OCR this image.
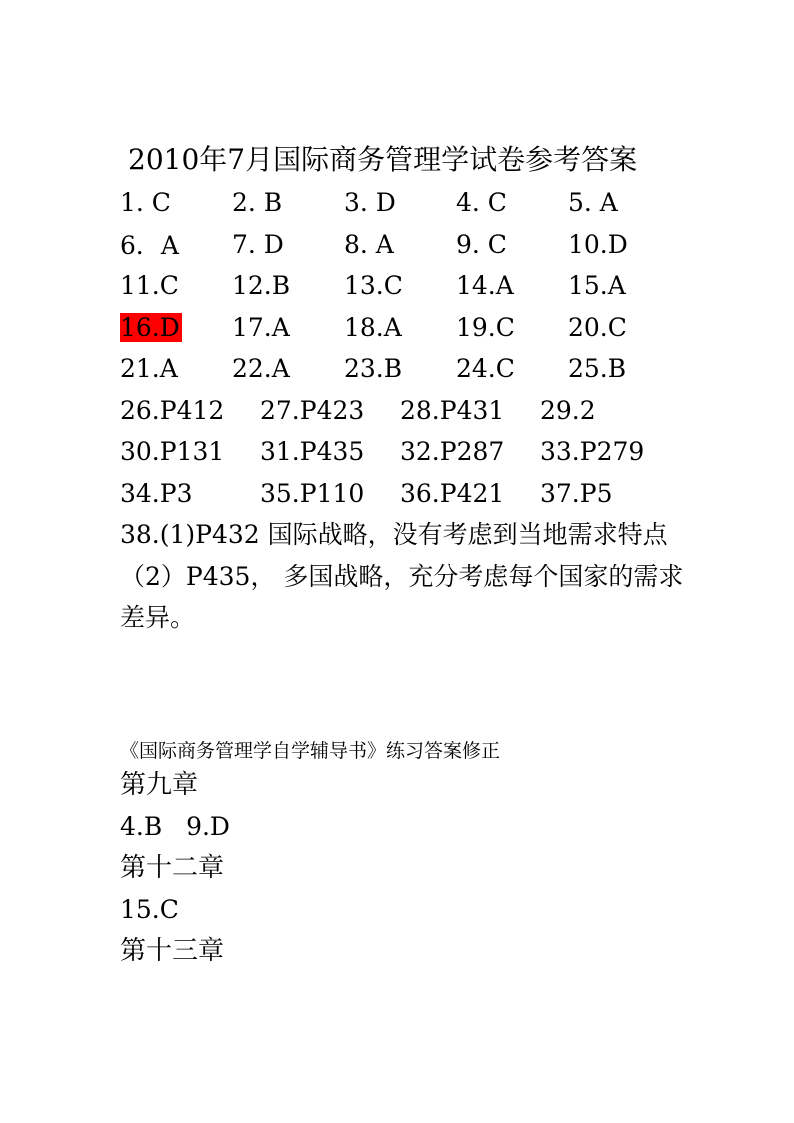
2010年7月国际商务管理学试卷参考答案
1. C	2. B	3. D	4. C	5. A
6．A	7. D	8. A	9. C	10.D
11.C	12.B	13.C	14.A	15.A
16.D	17.A	18.A	19.C	20.C
21.A	22.A	23.B	24.C	25.B
26.P412	27.P423	28.P431	29.2
30.P131	31.P435	32.P287	33.P279
34.P3	35.P110	36.P421	37.P5
38.(1)P432 国际战略，没有考虑到当地需求特点
（2）P435， 多国战略，充分考虑每个国家的需求差异。
《国际商务管理学自学辅导书》练习答案修正
第九章
4.B   9.D
第十二章
15.C
第十三章
